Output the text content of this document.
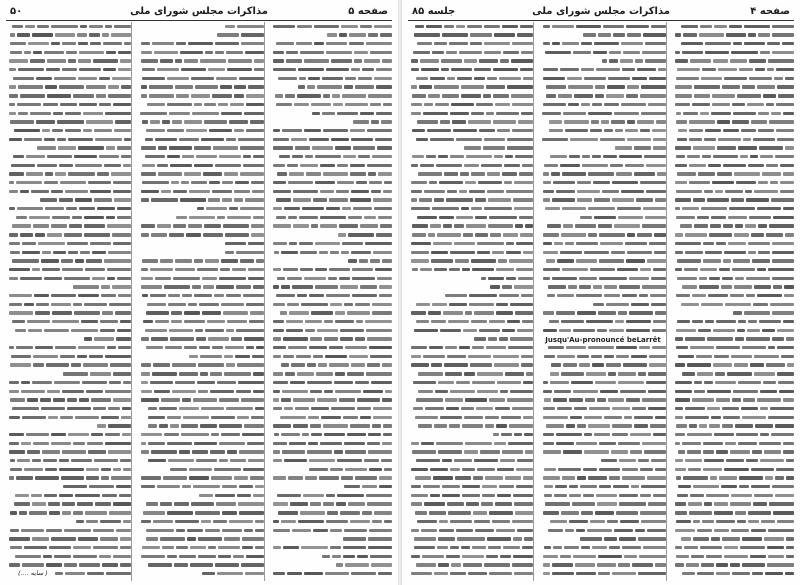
صفحه ۵
مذاکرات مجلس شورای ملی
۵۰
( سایه ....)
صفحه ۴
مذاکرات مجلس شورای ملی
جلسه ۸۵
Jusqu'Au-pronouncé beLarrêt
